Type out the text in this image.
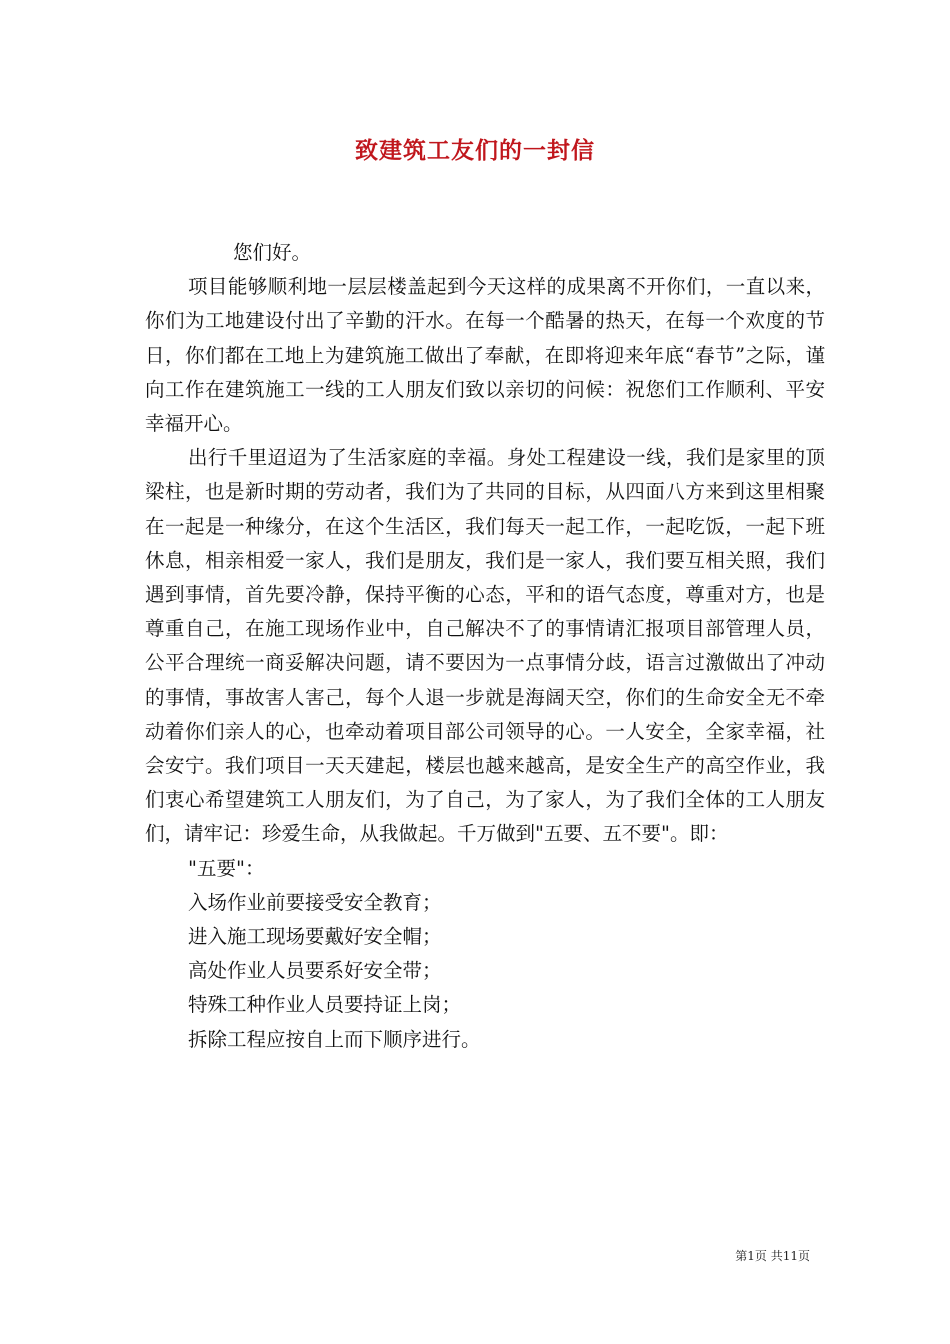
致建筑工友们的一封信

您们好。

项目能够顺利地一层层楼盖起到今天这样的成果离不开你们，一直以来，你们为工地建设付出了辛勤的汗水。在每一个酷暑的热天，在每一个欢度的节日，你们都在工地上为建筑施工做出了奉献，在即将迎来年底“春节”之际，谨向工作在建筑施工一线的工人朋友们致以亲切的问候：祝您们工作顺利、平安幸福开心。

出行千里迢迢为了生活家庭的幸福。身处工程建设一线，我们是家里的顶梁柱，也是新时期的劳动者，我们为了共同的目标，从四面八方来到这里相聚在一起是一种缘分，在这个生活区，我们每天一起工作，一起吃饭，一起下班休息，相亲相爱一家人，我们是朋友，我们是一家人，我们要互相关照，我们遇到事情，首先要冷静，保持平衡的心态，平和的语气态度，尊重对方，也是尊重自己，在施工现场作业中，自己解决不了的事情请汇报项目部管理人员，公平合理统一商妥解决问题，请不要因为一点事情分歧，语言过激做出了冲动的事情，事故害人害己，每个人退一步就是海阔天空，你们的生命安全无不牵动着你们亲人的心，也牵动着项目部公司领导的心。一人安全，全家幸福，社会安宁。我们项目一天天建起，楼层也越来越高，是安全生产的高空作业，我们衷心希望建筑工人朋友们，为了自己，为了家人，为了我们全体的工人朋友们，请牢记：珍爱生命，从我做起。千万做到"五要、五不要"。即：

"五要"：

入场作业前要接受安全教育；

进入施工现场要戴好安全帽；

高处作业人员要系好安全带；

特殊工种作业人员要持证上岗；

拆除工程应按自上而下顺序进行。

第1页 共11页
